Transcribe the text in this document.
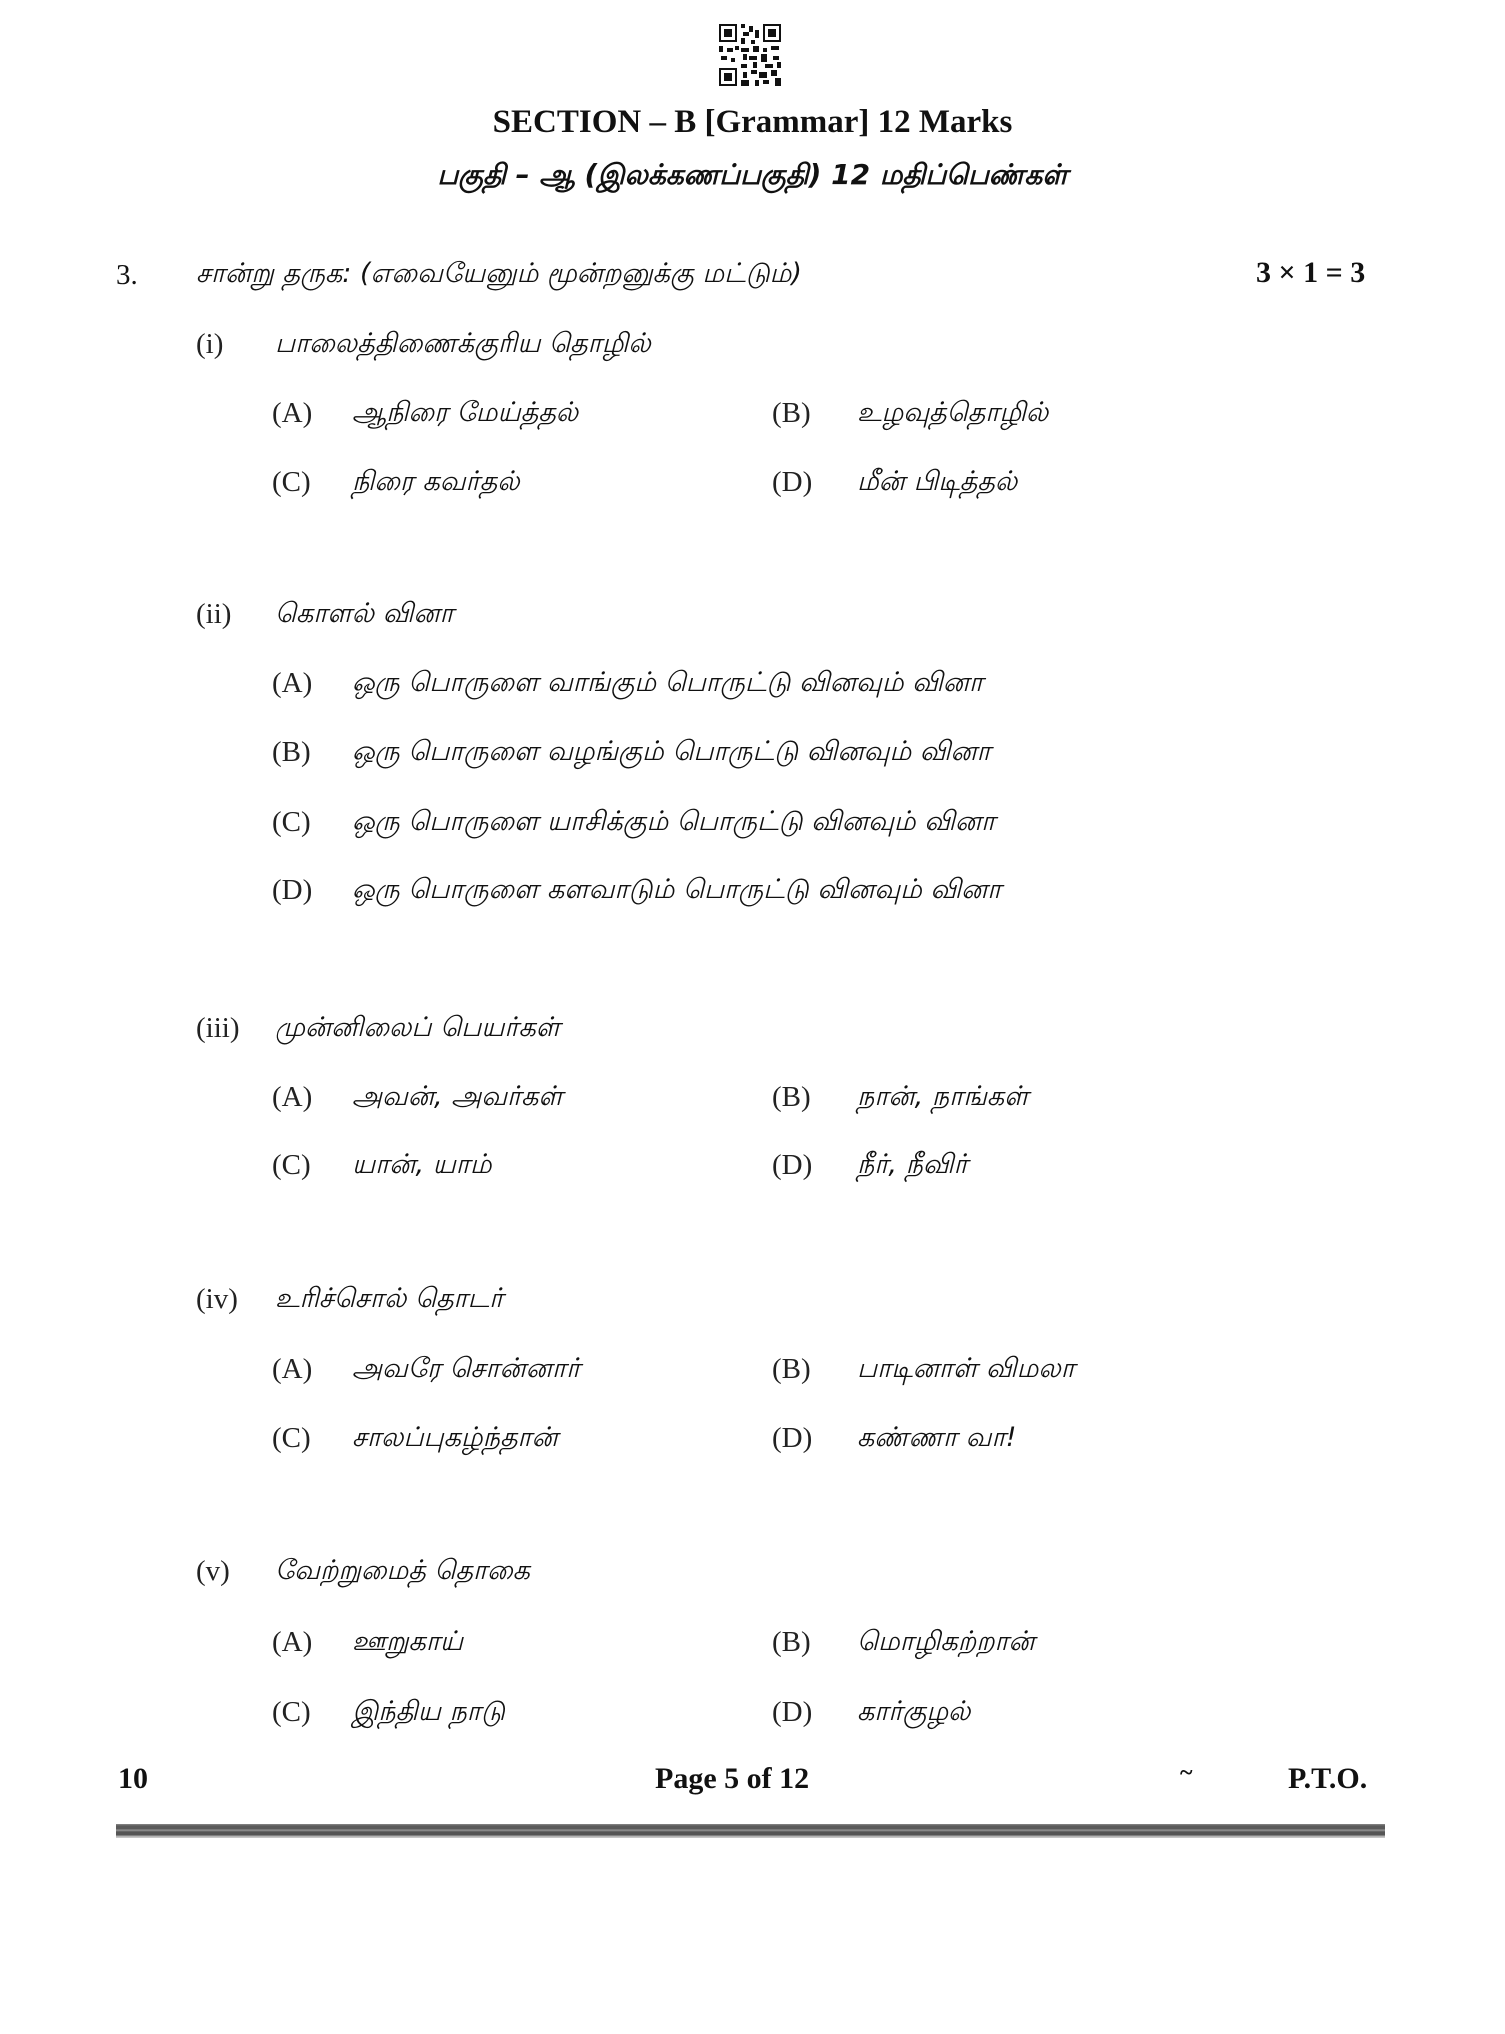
SECTION – B [Grammar] 12 Marks
பகுதி – ஆ (இலக்கணப்பகுதி) 12 மதிப்பெண்கள்
3. சான்று தருக: (எவையேனும் மூன்றனுக்கு மட்டும்)	3 × 1 = 3
(i) பாலைத்திணைக்குரிய தொழில்
(A) ஆநிரை மேய்த்தல்	(B) உழவுத்தொழில்
(C) நிரை கவர்தல்	(D) மீன் பிடித்தல்
(ii) கொளல் வினா
(A) ஒரு பொருளை வாங்கும் பொருட்டு வினவும் வினா
(B) ஒரு பொருளை வழங்கும் பொருட்டு வினவும் வினா
(C) ஒரு பொருளை யாசிக்கும் பொருட்டு வினவும் வினா
(D) ஒரு பொருளை களவாடும் பொருட்டு வினவும் வினா
(iii) முன்னிலைப் பெயர்கள்
(A) அவன், அவர்கள்	(B) நான், நாங்கள்
(C) யான், யாம்	(D) நீர், நீவிர்
(iv) உரிச்சொல் தொடர்
(A) அவரே சொன்னார்	(B) பாடினாள் விமலா
(C) சாலப்புகழ்ந்தான்	(D) கண்ணா வா!
(v) வேற்றுமைத் தொகை
(A) ஊறுகாய்	(B) மொழிகற்றான்
(C) இந்திய நாடு	(D) கார்குழல்
10	Page 5 of 12	~	P.T.O.
